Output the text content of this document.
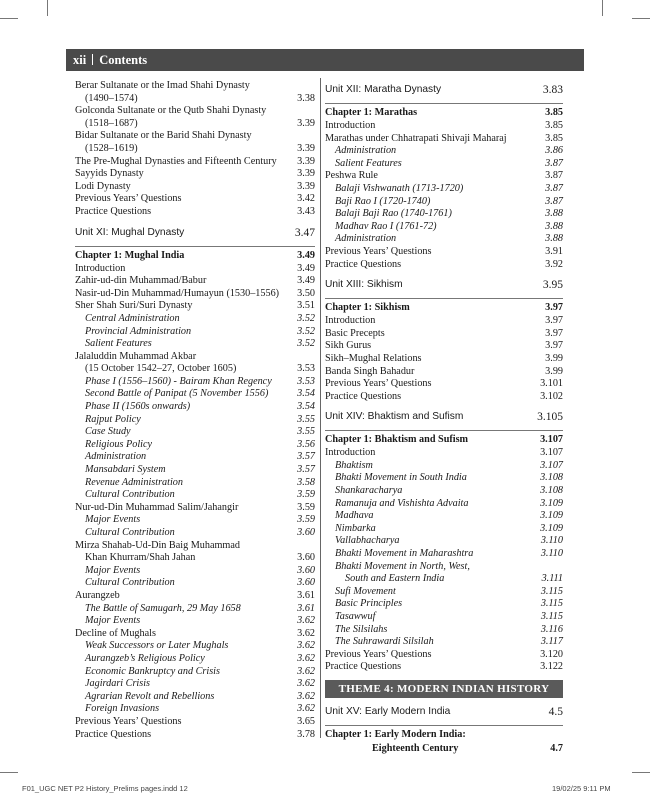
xii Contents
Berar Sultanate or the Imad Shahi Dynasty
(1490–1574)	3.38
Golconda Sultanate or the Qutb Shahi Dynasty
(1518–1687)	3.39
Bidar Sultanate or the Barid Shahi Dynasty
(1528–1619)	3.39
The Pre-Mughal Dynasties and Fifteenth Century 3.39
Sayyids Dynasty	3.39
Lodi Dynasty	3.39
Previous Years’ Questions	3.42
Practice Questions	3.43
Unit XI: Mughal Dynasty	3.47
Chapter 1: Mughal India	3.49
Introduction	3.49
Zahir-ud-din Muhammad/Babur	3.49
Nasir-ud-Din Muhammad/Humayun (1530–1556) 3.50
Sher Shah Suri/Suri Dynasty	3.51
Central Administration	3.52
Provincial Administration	3.52
Salient Features	3.52
Jalaluddin Muhammad Akbar
(15 October 1542–27, October 1605)	3.53
Phase I (1556–1560) - Bairam Khan Regency 3.53
Second Battle of Panipat (5 November 1556)	3.54
Phase II (1560s onwards)	3.54
Rajput Policy	3.55
Case Study	3.55
Religious Policy	3.56
Administration	3.57
Mansabdari System	3.57
Revenue Administration	3.58
Cultural Contribution	3.59
Nur-ud-Din Muhammad Salim/Jahangir	3.59
Major Events	3.59
Cultural Contribution	3.60
Mirza Shahab-Ud-Din Baig Muhammad
Khan Khurram/Shah Jahan	3.60
Major Events	3.60
Cultural Contribution	3.60
Aurangzeb	3.61
The Battle of Samugarh, 29 May 1658	3.61
Major Events	3.62
Decline of Mughals	3.62
Weak Successors or Later Mughals	3.62
Aurangzeb’s Religious Policy	3.62
Economic Bankruptcy and Crisis	3.62
Jagirdari Crisis	3.62
Agrarian Revolt and Rebellions	3.62
Foreign Invasions	3.62
Previous Years’ Questions	3.65
Practice Questions	3.78
Unit XII: Maratha Dynasty	3.83
Chapter 1: Marathas	3.85
Introduction	3.85
Marathas under Chhatrapati Shivaji Maharaj	3.85
Administration	3.86
Salient Features	3.87
Peshwa Rule	3.87
Balaji Vishwanath (1713-1720)	3.87
Baji Rao I (1720-1740)	3.87
Balaji Baji Rao (1740-1761)	3.88
Madhav Rao I (1761-72)	3.88
Administration	3.88
Previous Years’ Questions	3.91
Practice Questions	3.92
Unit XIII: Sikhism	3.95
Chapter 1: Sikhism	3.97
Introduction	3.97
Basic Precepts	3.97
Sikh Gurus	3.97
Sikh–Mughal Relations	3.99
Banda Singh Bahadur	3.99
Previous Years’ Questions	3.101
Practice Questions	3.102
Unit XIV: Bhaktism and Sufism	3.105
Chapter 1: Bhaktism and Sufism	3.107
Introduction	3.107
Bhaktism	3.107
Bhakti Movement in South India	3.108
Shankaracharya	3.108
Ramanuja and Vishishta Advaita	3.109
Madhava	3.109
Nimbarka	3.109
Vallabhacharya	3.110
Bhakti Movement in Maharashtra	3.110
Bhakti Movement in North, West,
South and Eastern India	3.111
Sufi Movement	3.115
Basic Principles	3.115
Tasawwuf	3.115
The Silsilahs	3.116
The Suhrawardi Silsilah	3.117
Previous Years’ Questions	3.120
Practice Questions	3.122
THEME 4: MODERN INDIAN HISTORY
Unit XV: Early Modern India	4.5
Chapter 1: Early Modern India:
Eighteenth Century	4.7
F01_UGC NET P2 History_Prelims pages.indd 12	19/02/25 9:11 PM
